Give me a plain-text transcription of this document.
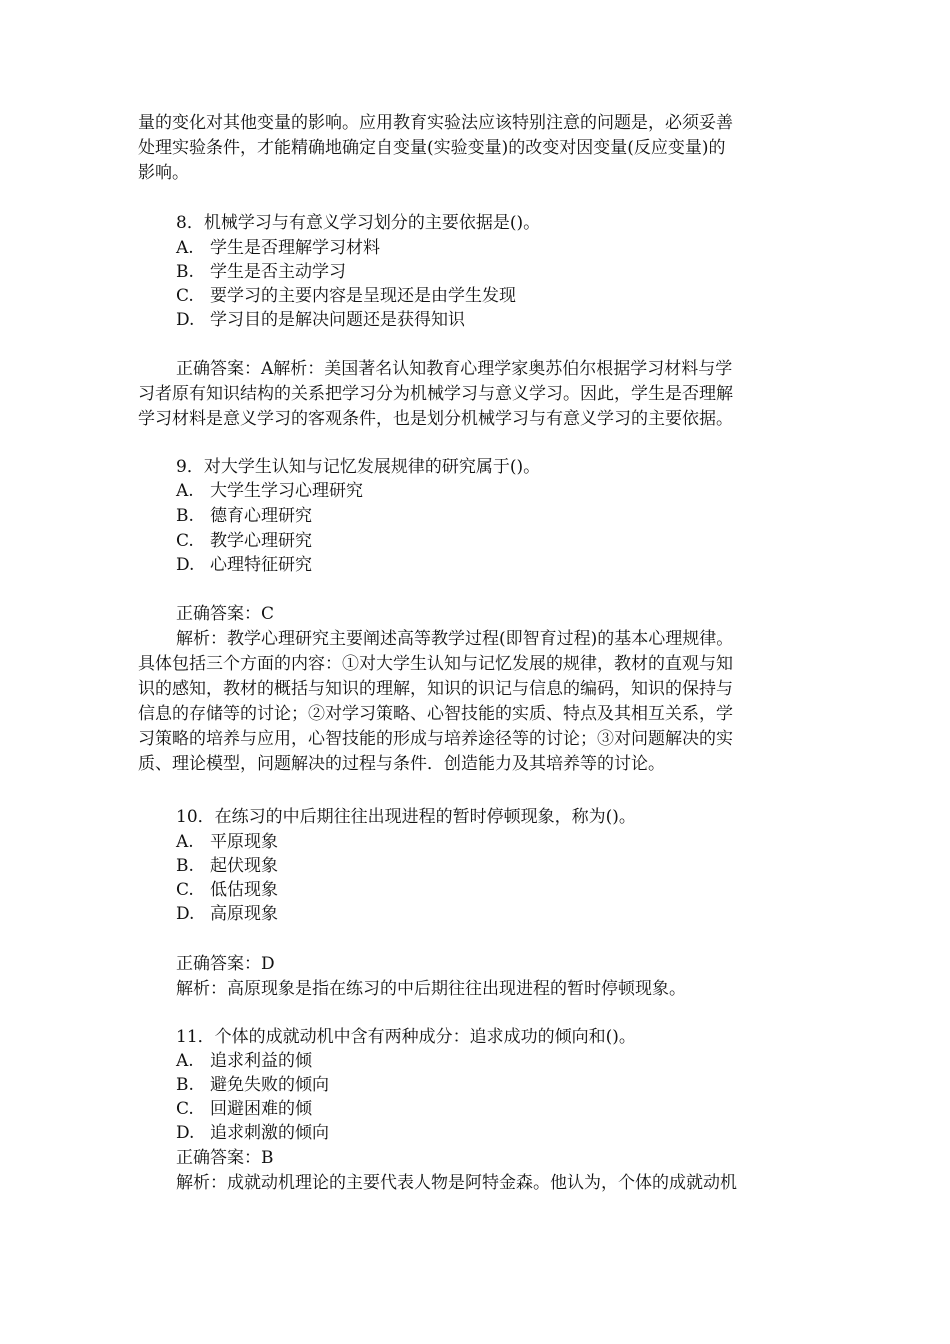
量的变化对其他变量的影响。应用教育实验法应该特别注意的问题是，必须妥善
处理实验条件，才能精确地确定自变量(实验变量)的改变对因变量(反应变量)的
影响。
8．机械学习与有意义学习划分的主要依据是()。
A. 学生是否理解学习材料
B. 学生是否主动学习
C. 要学习的主要内容是呈现还是由学生发现
D. 学习目的是解决问题还是获得知识
正确答案：A解析：美国著名认知教育心理学家奥苏伯尔根据学习材料与学
习者原有知识结构的关系把学习分为机械学习与意义学习。因此，学生是否理解
学习材料是意义学习的客观条件，也是划分机械学习与有意义学习的主要依据。
9．对大学生认知与记忆发展规律的研究属于()。
A. 大学生学习心理研究
B. 德育心理研究
C. 教学心理研究
D. 心理特征研究
正确答案：C
解析：教学心理研究主要阐述高等教学过程(即智育过程)的基本心理规律。
具体包括三个方面的内容：①对大学生认知与记忆发展的规律，教材的直观与知
识的感知，教材的概括与知识的理解，知识的识记与信息的编码，知识的保持与
信息的存储等的讨论；②对学习策略、心智技能的实质、特点及其相互关系，学
习策略的培养与应用，心智技能的形成与培养途径等的讨论；③对问题解决的实
质、理论模型，问题解决的过程与条件．创造能力及其培养等的讨论。
10．在练习的中后期往往出现进程的暂时停顿现象，称为()。
A. 平原现象
B. 起伏现象
C. 低估现象
D. 高原现象
正确答案：D
解析：高原现象是指在练习的中后期往往出现进程的暂时停顿现象。
11．个体的成就动机中含有两种成分：追求成功的倾向和()。
A. 追求利益的倾
B. 避免失败的倾向
C. 回避困难的倾
D. 追求刺激的倾向
正确答案：B
解析：成就动机理论的主要代表人物是阿特金森。他认为，个体的成就动机
